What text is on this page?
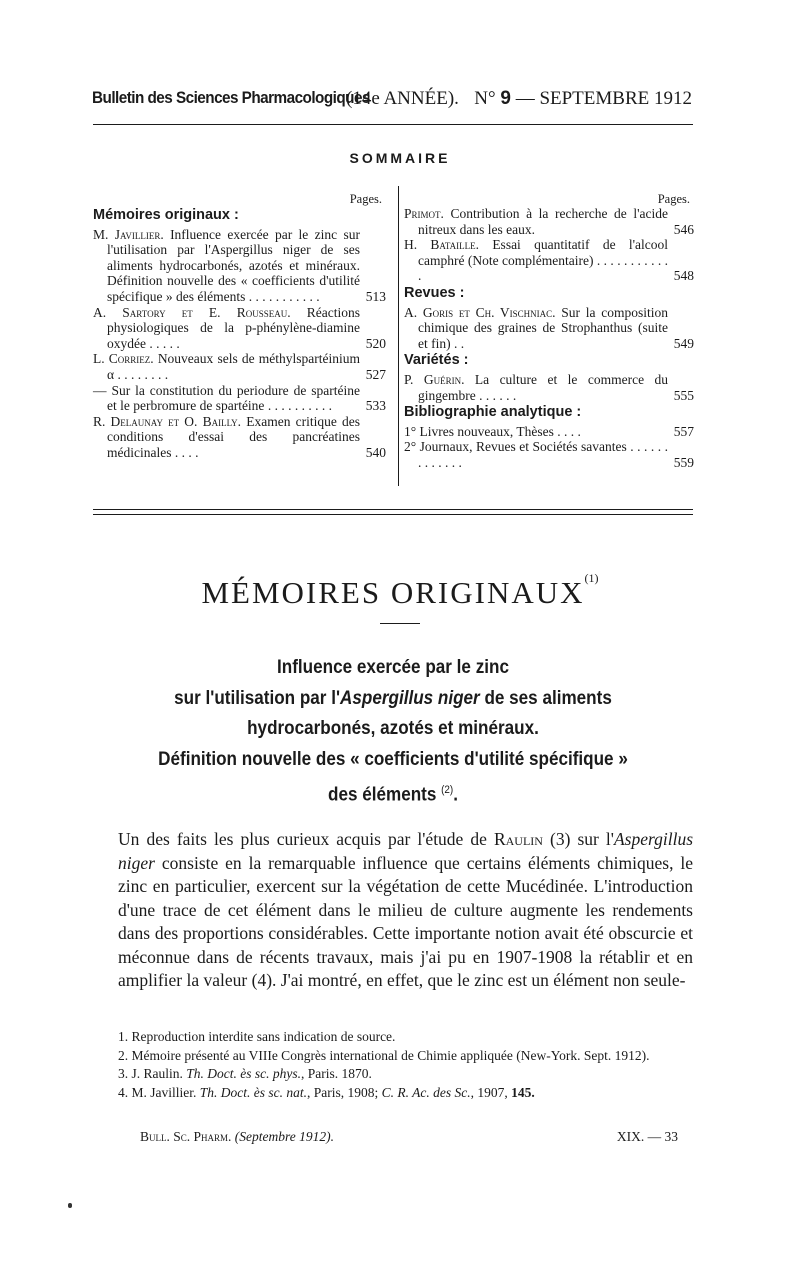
Bulletin des Sciences Pharmacologiques
(14e ANNÉE). N° 9 — SEPTEMBRE 1912
SOMMAIRE
Pages.
Mémoires originaux :
M. Javillier. Influence exercée par le zinc sur l'utilisation par l'Aspergillus niger de ses aliments hydrocarbonés, azotés et minéraux. Définition nouvelle des « coefficients d'utilité spécifique » des éléments . . . . . . . . . . .	513
A. Sartory et E. Rousseau. Réactions physiologiques de la p-phénylène-diamine oxydée . . . . .	520
L. Corriez. Nouveaux sels de méthylspartéinium α . . . . . . . .	527
— Sur la constitution du periodure de spartéine et le perbromure de spartéine . . . . . . . . . .	533
R. Delaunay et O. Bailly. Examen critique des conditions d'essai des pancréatines médicinales . . . .	540
Pages.
Primot. Contribution à la recherche de l'acide nitreux dans les eaux.	546
H. Bataille. Essai quantitatif de l'alcool camphré (Note complémentaire) . . . . . . . . . . . .	548
Revues :
A. Goris et Ch. Vischniac. Sur la composition chimique des graines de Strophanthus (suite et fin) . .	549
Variétés :
P. Guérin. La culture et le commerce du gingembre . . . . . .	555
Bibliographie analytique :
1° Livres nouveaux, Thèses . . . .	557
2° Journaux, Revues et Sociétés savantes . . . . . . . . . . . . .	559
MÉMOIRES ORIGINAUX$^{(1)}$
Influence exercée par le zinc
sur l'utilisation par l'Aspergillus niger de ses aliments
hydrocarbonés, azotés et minéraux.
Définition nouvelle des « coefficients d'utilité spécifique »
des éléments $^{(2)}$.
Un des faits les plus curieux acquis par l'étude de Raulin (3) sur l'Aspergillus niger consiste en la remarquable influence que certains éléments chimiques, le zinc en particulier, exercent sur la végétation de cette Mucédinée. L'introduction d'une trace de cet élément dans le milieu de culture augmente les rendements dans des proportions considérables. Cette importante notion avait été obscurcie et méconnue dans de récents travaux, mais j'ai pu en 1907-1908 la rétablir et en amplifier la valeur (4). J'ai montré, en effet, que le zinc est un élément non seule-
1. Reproduction interdite sans indication de source.
2. Mémoire présenté au VIIIe Congrès international de Chimie appliquée (New-York. Sept. 1912).
3. J. Raulin. Th. Doct. ès sc. phys., Paris. 1870.
4. M. Javillier. Th. Doct. ès sc. nat., Paris, 1908; C. R. Ac. des Sc., 1907, 145.
Bull. Sc. Pharm. (Septembre 1912).	XIX. — 33
